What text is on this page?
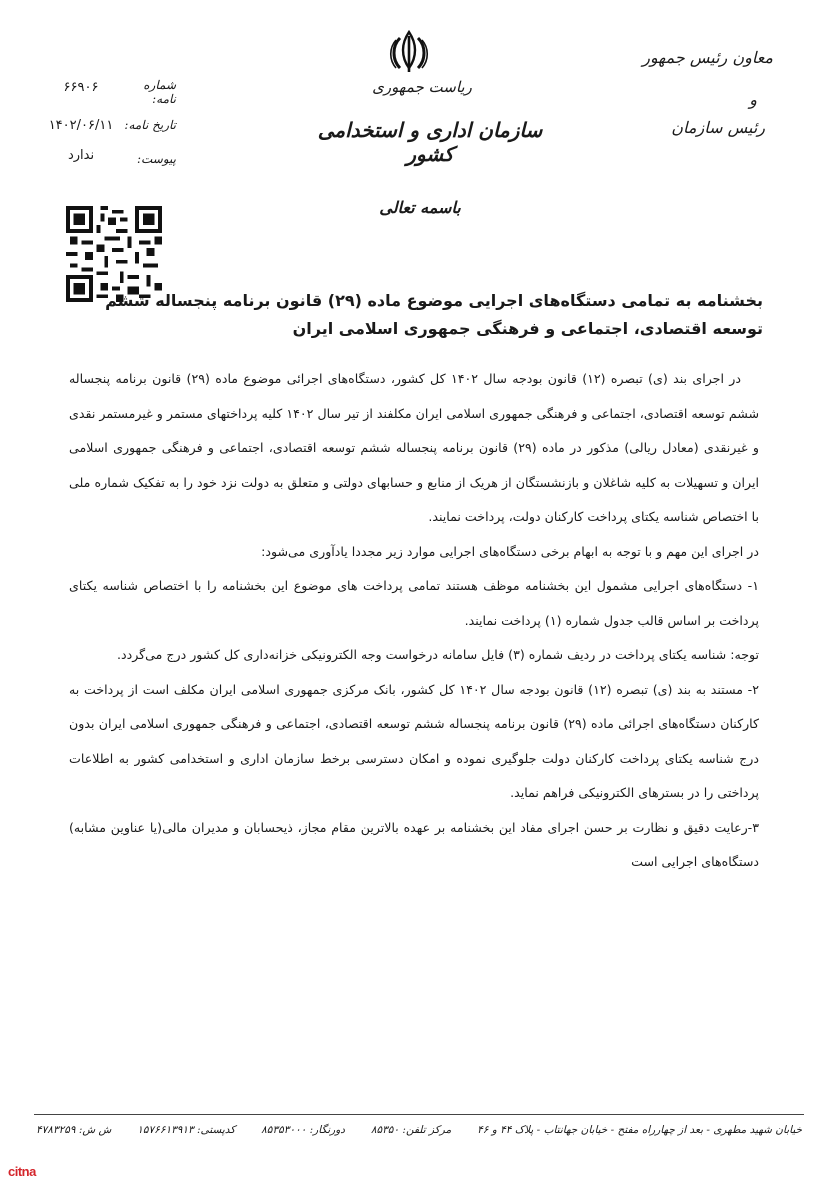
معاون رئیس جمهور
و
رئیس سازمان
ریاست جمهوری
سازمان اداری و استخدامی کشور
باسمه تعالی
شماره نامه:
۶۶۹۰۶
تاریخ نامه:
۱۴۰۲/۰۶/۱۱
پیوست:
ندارد
بخشنامه به تمامی دستگاه‌های اجرایی موضوع ماده (۲۹) قانون برنامه پنجساله ششم
توسعه اقتصادی، اجتماعی و فرهنگی جمهوری اسلامی ایران

در اجرای بند (ی) تبصره (۱۲) قانون بودجه سال ۱۴۰۲ کل کشور، دستگاه‌های اجرائی موضوع ماده (۲۹) قانون برنامه پنجساله ششم توسعه اقتصادی، اجتماعی و فرهنگی جمهوری اسلامی ایران مکلفند از تیر سال ۱۴۰۲ کلیه پرداختهای مستمر و غیرمستمر نقدی و غیرنقدی (معادل ریالی) مذکور در ماده (۲۹) قانون برنامه پنجساله ششم توسعه اقتصادی، اجتماعی و فرهنگی جمهوری اسلامی ایران و تسهیلات به کلیه شاغلان و بازنشستگان از هریک از منابع و حسابهای دولتی و متعلق به دولت نزد خود را به تفکیک شماره ملی با اختصاص شناسه یکتای پرداخت کارکنان دولت، پرداخت نمایند.

در اجرای این مهم و با توجه به ابهام برخی دستگاه‌های اجرایی موارد زیر مجددا یادآوری می‌شود:

۱- دستگاه‌های اجرایی مشمول این بخشنامه موظف هستند تمامی پرداخت های موضوع این بخشنامه را با اختصاص شناسه یکتای پرداخت بر اساس قالب جدول شماره (۱) پرداخت نمایند.

توجه: شناسه یکتای پرداخت در ردیف شماره (۳) فایل سامانه درخواست وجه الکترونیکی خزانه‌داری کل کشور درج می‌گردد.

۲- مستند به بند (ی) تبصره (۱۲) قانون بودجه سال ۱۴۰۲ کل کشور، بانک مرکزی جمهوری اسلامی ایران مکلف است از پرداخت به کارکنان دستگاه‌های اجرائی ماده (۲۹) قانون برنامه پنجساله ششم توسعه اقتصادی، اجتماعی و فرهنگی جمهوری اسلامی ایران بدون درج شناسه یکتای پرداخت کارکنان دولت جلوگیری نموده و امکان دسترسی برخط سازمان اداری و استخدامی کشور به اطلاعات پرداختی را در بسترهای الکترونیکی فراهم نماید.

۳-رعایت دقیق و نظارت بر حسن اجرای مفاد این بخشنامه بر عهده بالاترین مقام مجاز، ذیحسابان و مدیران مالی(یا عناوین مشابه) دستگاه‌های اجرایی است

خیابان شهید مطهری - بعد از چهارراه مفتح - خیابان جهانتاب - پلاک ۴۴ و ۴۶
مرکز تلفن: ۸۵۳۵۰
دورنگار: ۸۵۳۵۳۰۰۰
کدپستی: ۱۵۷۶۶۱۳۹۱۳
ش ش: ۴۷۸۳۲۵۹
citna
